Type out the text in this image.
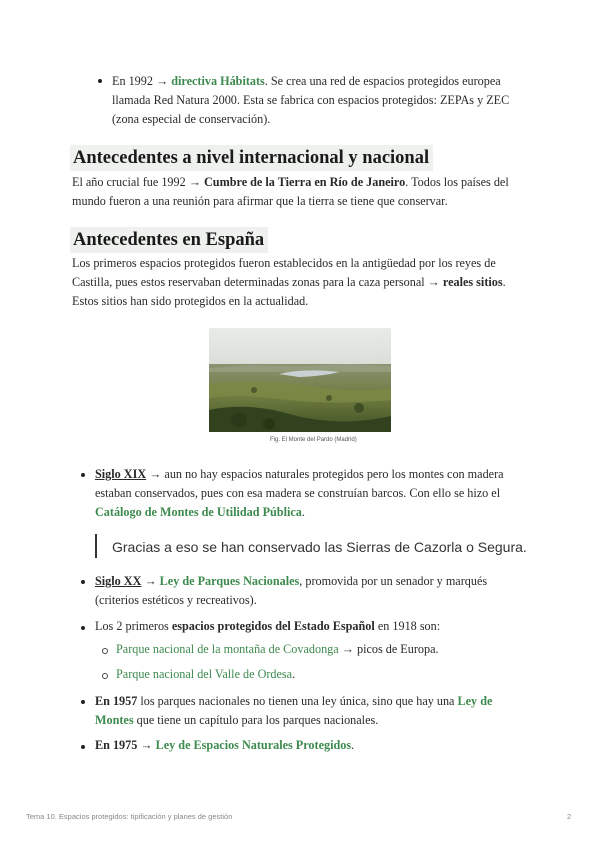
En 1992 → directiva Hábitats. Se crea una red de espacios protegidos europea
llamada Red Natura 2000. Esta se fabrica con espacios protegidos: ZEPAs y ZEC
(zona especial de conservación).
Antecedentes a nivel internacional y nacional
El año crucial fue 1992 → Cumbre de la Tierra en Río de Janeiro. Todos los países del
mundo fueron a una reunión para afirmar que la tierra se tiene que conservar.
Antecedentes en España
Los primeros espacios protegidos fueron establecidos en la antigüedad por los reyes de
Castilla, pues estos reservaban determinadas zonas para la caza personal → reales sitios.
Estos sitios han sido protegidos en la actualidad.
Fig. El Monte del Pardo (Madrid)
Siglo XIX → aun no hay espacios naturales protegidos pero los montes con madera
estaban conservados, pues con esa madera se construían barcos. Con ello se hizo el
Catálogo de Montes de Utilidad Pública.
Gracias a eso se han conservado las Sierras de Cazorla o Segura.
Siglo XX → Ley de Parques Nacionales, promovida por un senador y marqués
(criterios estéticos y recreativos).
Los 2 primeros espacios protegidos del Estado Español en 1918 son:
Parque nacional de la montaña de Covadonga → picos de Europa.
Parque nacional del Valle de Ordesa.
En 1957 los parques nacionales no tienen una ley única, sino que hay una Ley de
Montes que tiene un capítulo para los parques nacionales.
En 1975 → Ley de Espacios Naturales Protegidos.
Tema 10. Espacios protegidos: tipificación y planes de gestión	2
